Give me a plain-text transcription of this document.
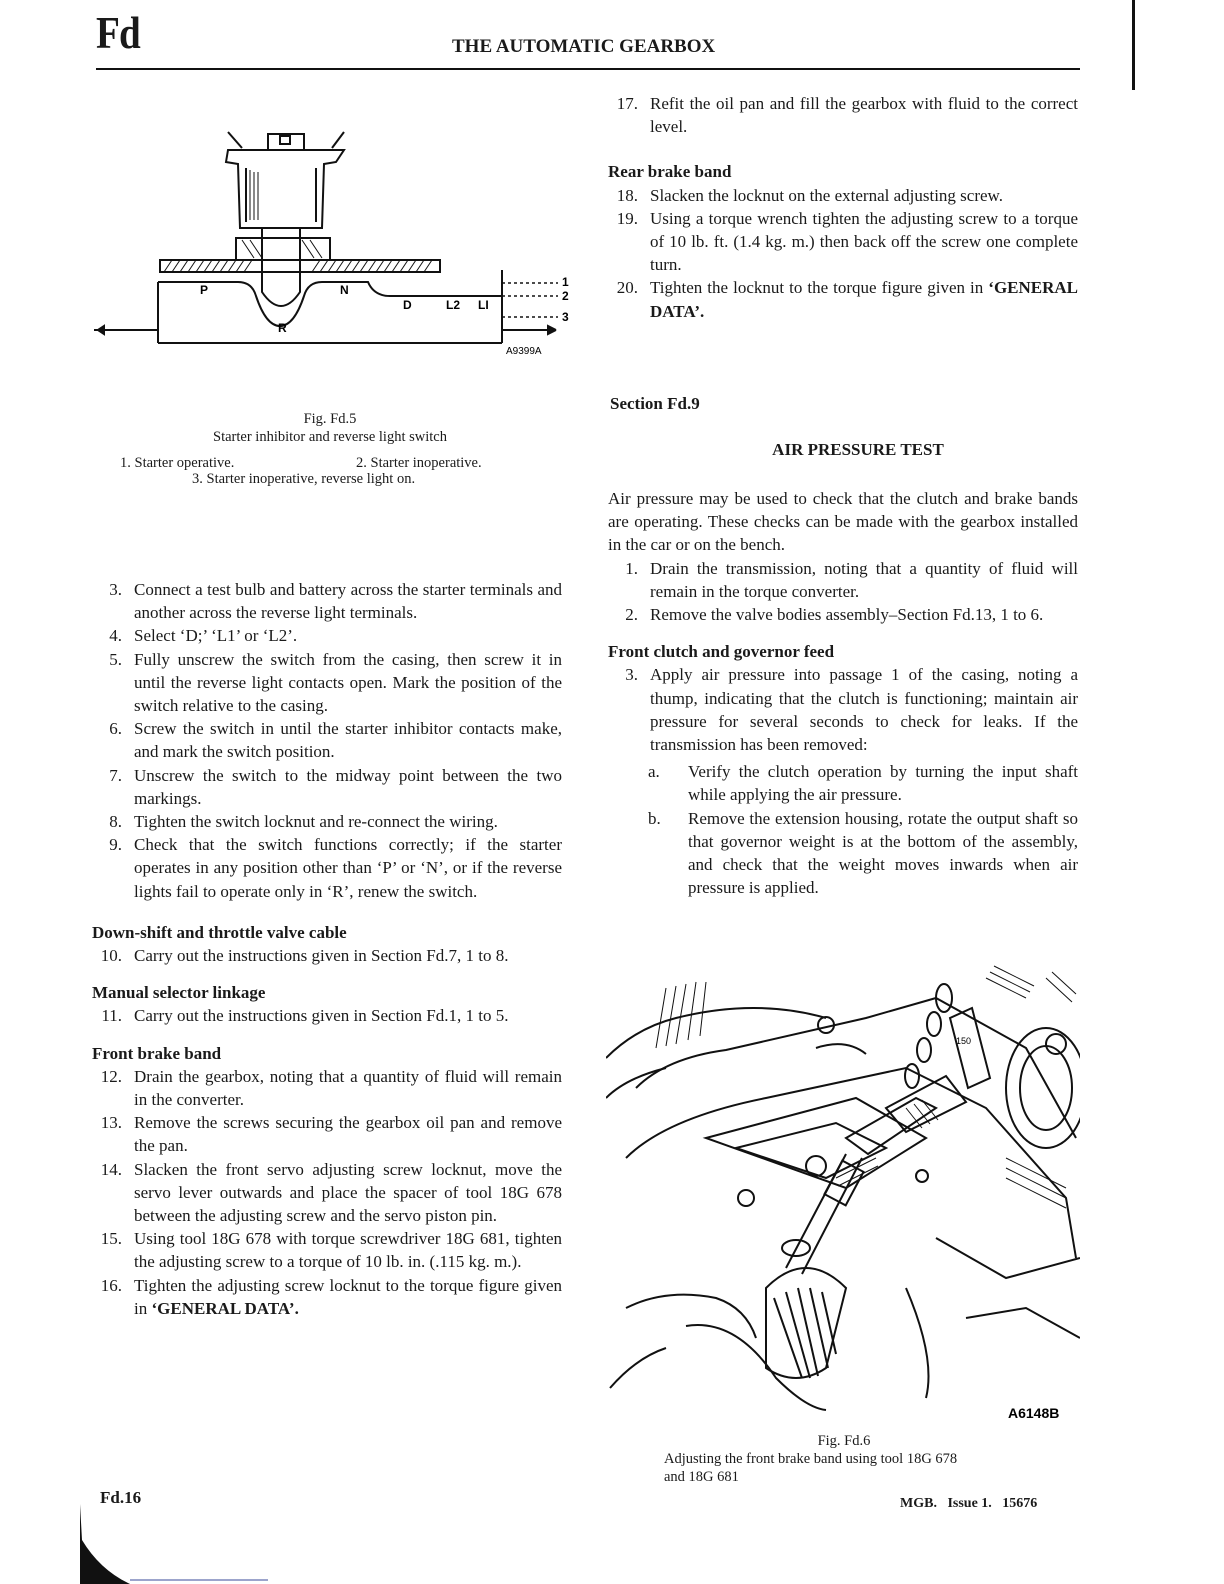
Fd	THE AUTOMATIC GEARBOX
P	N
R
D	L2 LI
1
2
3
A9399A
Fig. Fd.5
Starter inhibitor and reverse light switch
1. Starter operative.	2. Starter inoperative.
3. Starter inoperative, reverse light on.
3. Connect a test bulb and battery across the starter terminals and another across the reverse light terminals.
4. Select ‘D;’ ‘L1’ or ‘L2’.
5. Fully unscrew the switch from the casing, then screw it in until the reverse light contacts open. Mark the position of the switch relative to the casing.
6. Screw the switch in until the starter inhibitor contacts make, and mark the switch position.
7. Unscrew the switch to the midway point between the two markings.
8. Tighten the switch locknut and re-connect the wiring.
9. Check that the switch functions correctly; if the starter operates in any position other than ‘P’ or ‘N’, or if the reverse lights fail to operate only in ‘R’, renew the switch.
Down-shift and throttle valve cable
10. Carry out the instructions given in Section Fd.7, 1 to 8.
Manual selector linkage
11. Carry out the instructions given in Section Fd.1, 1 to 5.
Front brake band
12. Drain the gearbox, noting that a quantity of fluid will remain in the converter.
13. Remove the screws securing the gearbox oil pan and remove the pan.
14. Slacken the front servo adjusting screw locknut, move the servo lever outwards and place the spacer of tool 18G 678 between the adjusting screw and the servo piston pin.
15. Using tool 18G 678 with torque screwdriver 18G 681, tighten the adjusting screw to a torque of 10 lb. in. (.115 kg. m.).
16. Tighten the adjusting screw locknut to the torque figure given in ‘GENERAL DATA’.
17. Refit the oil pan and fill the gearbox with fluid to the correct level.
Rear brake band
18. Slacken the locknut on the external adjusting screw.
19. Using a torque wrench tighten the adjusting screw to a torque of 10 lb. ft. (1.4 kg. m.) then back off the screw one complete turn.
20. Tighten the locknut to the torque figure given in ‘GENERAL DATA’.
Section Fd.9
AIR PRESSURE TEST
Air pressure may be used to check that the clutch and brake bands are operating. These checks can be made with the gearbox installed in the car or on the bench.
1. Drain the transmission, noting that a quantity of fluid will remain in the torque converter.
2. Remove the valve bodies assembly–Section Fd.13, 1 to 6.
Front clutch and governor feed
3. Apply air pressure into passage 1 of the casing, noting a thump, indicating that the clutch is functioning; maintain air pressure for several seconds to check for leaks. If the transmission has been removed:
a. Verify the clutch operation by turning the input shaft while applying the air pressure.
b. Remove the extension housing, rotate the output shaft so that governor weight is at the bottom of the assembly, and check that the weight moves inwards when air pressure is applied.
150
A6148B
Fig. Fd.6
Adjusting the front brake band using tool 18G 678
and 18G 681
Fd.16	MGB.   Issue 1.   15676
